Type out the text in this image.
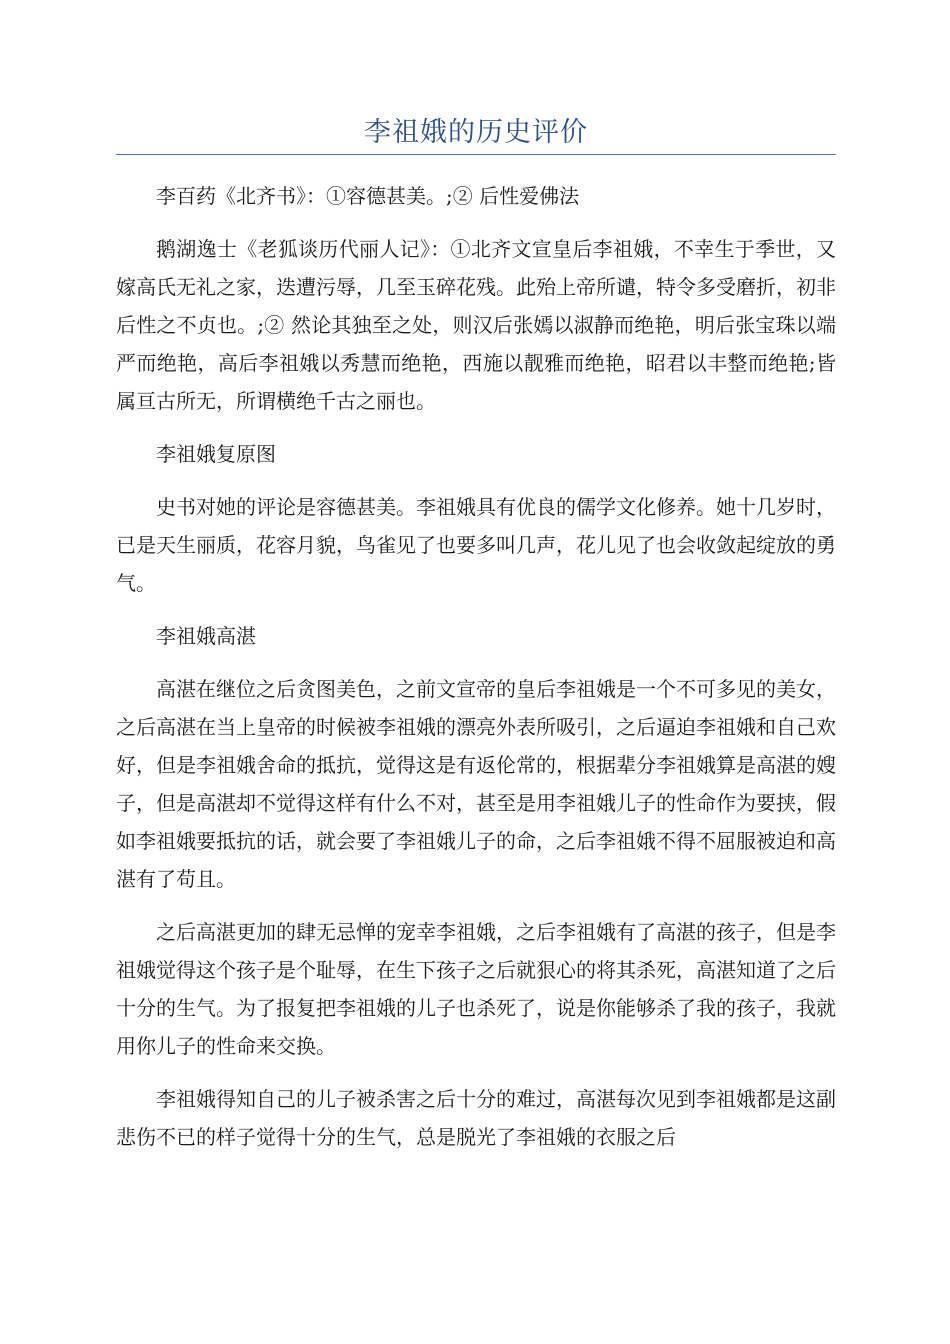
李祖娥的历史评价

李百药《北齐书》：①容德甚美。;② 后性爱佛法

鹅湖逸士《老狐谈历代丽人记》：①北齐文宣皇后李祖娥，不幸生于季世，又嫁高氏无礼之家，迭遭污辱，几至玉碎花残。此殆上帝所谴，特令多受磨折，初非后性之不贞也。;② 然论其独至之处，则汉后张嫣以淑静而绝艳，明后张宝珠以端严而绝艳，高后李祖娥以秀慧而绝艳，西施以靓雅而绝艳，昭君以丰整而绝艳;皆属亘古所无，所谓横绝千古之丽也。

李祖娥复原图

史书对她的评论是容德甚美。李祖娥具有优良的儒学文化修养。她十几岁时，已是天生丽质，花容月貌，鸟雀见了也要多叫几声，花儿见了也会收敛起绽放的勇气。

李祖娥高湛

高湛在继位之后贪图美色，之前文宣帝的皇后李祖娥是一个不可多见的美女，之后高湛在当上皇帝的时候被李祖娥的漂亮外表所吸引，之后逼迫李祖娥和自己欢好，但是李祖娥舍命的抵抗，觉得这是有返伦常的，根据辈分李祖娥算是高湛的嫂子，但是高湛却不觉得这样有什么不对，甚至是用李祖娥儿子的性命作为要挟，假如李祖娥要抵抗的话，就会要了李祖娥儿子的命，之后李祖娥不得不屈服被迫和高湛有了苟且。

之后高湛更加的肆无忌惮的宠幸李祖娥，之后李祖娥有了高湛的孩子，但是李祖娥觉得这个孩子是个耻辱，在生下孩子之后就狠心的将其杀死，高湛知道了之后十分的生气。为了报复把李祖娥的儿子也杀死了，说是你能够杀了我的孩子，我就用你儿子的性命来交换。

李祖娥得知自己的儿子被杀害之后十分的难过，高湛每次见到李祖娥都是这副悲伤不已的样子觉得十分的生气，总是脱光了李祖娥的衣服之后
